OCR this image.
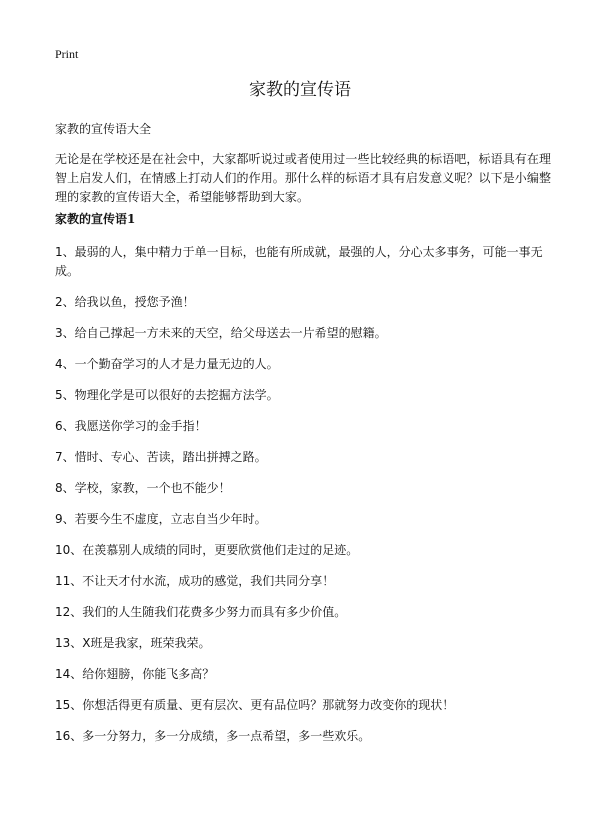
Print
家教的宣传语
家教的宣传语大全

无论是在学校还是在社会中，大家都听说过或者使用过一些比较经典的标语吧，标语具有在理智上启发人们，在情感上打动人们的作用。那什么样的标语才具有启发意义呢？以下是小编整理的家教的宣传语大全，希望能够帮助到大家。

家教的宣传语1
1、最弱的人，集中精力于单一目标，也能有所成就，最强的人，分心太多事务，可能一事无成。
2、给我以鱼，授您予渔！
3、给自己撑起一方未来的天空，给父母送去一片希望的慰籍。
4、一个勤奋学习的人才是力量无边的人。
5、物理化学是可以很好的去挖掘方法学。
6、我愿送你学习的金手指！
7、惜时、专心、苦读，踏出拼搏之路。
8、学校，家教，一个也不能少！
9、若要今生不虚度，立志自当少年时。
10、在羡慕别人成绩的同时，更要欣赏他们走过的足迹。
11、不让天才付水流，成功的感觉，我们共同分享！
12、我们的人生随我们花费多少努力而具有多少价值。
13、X班是我家，班荣我荣。
14、给你翅膀，你能飞多高？
15、你想活得更有质量、更有层次、更有品位吗？那就努力改变你的现状！
16、多一分努力，多一分成绩，多一点希望，多一些欢乐。
